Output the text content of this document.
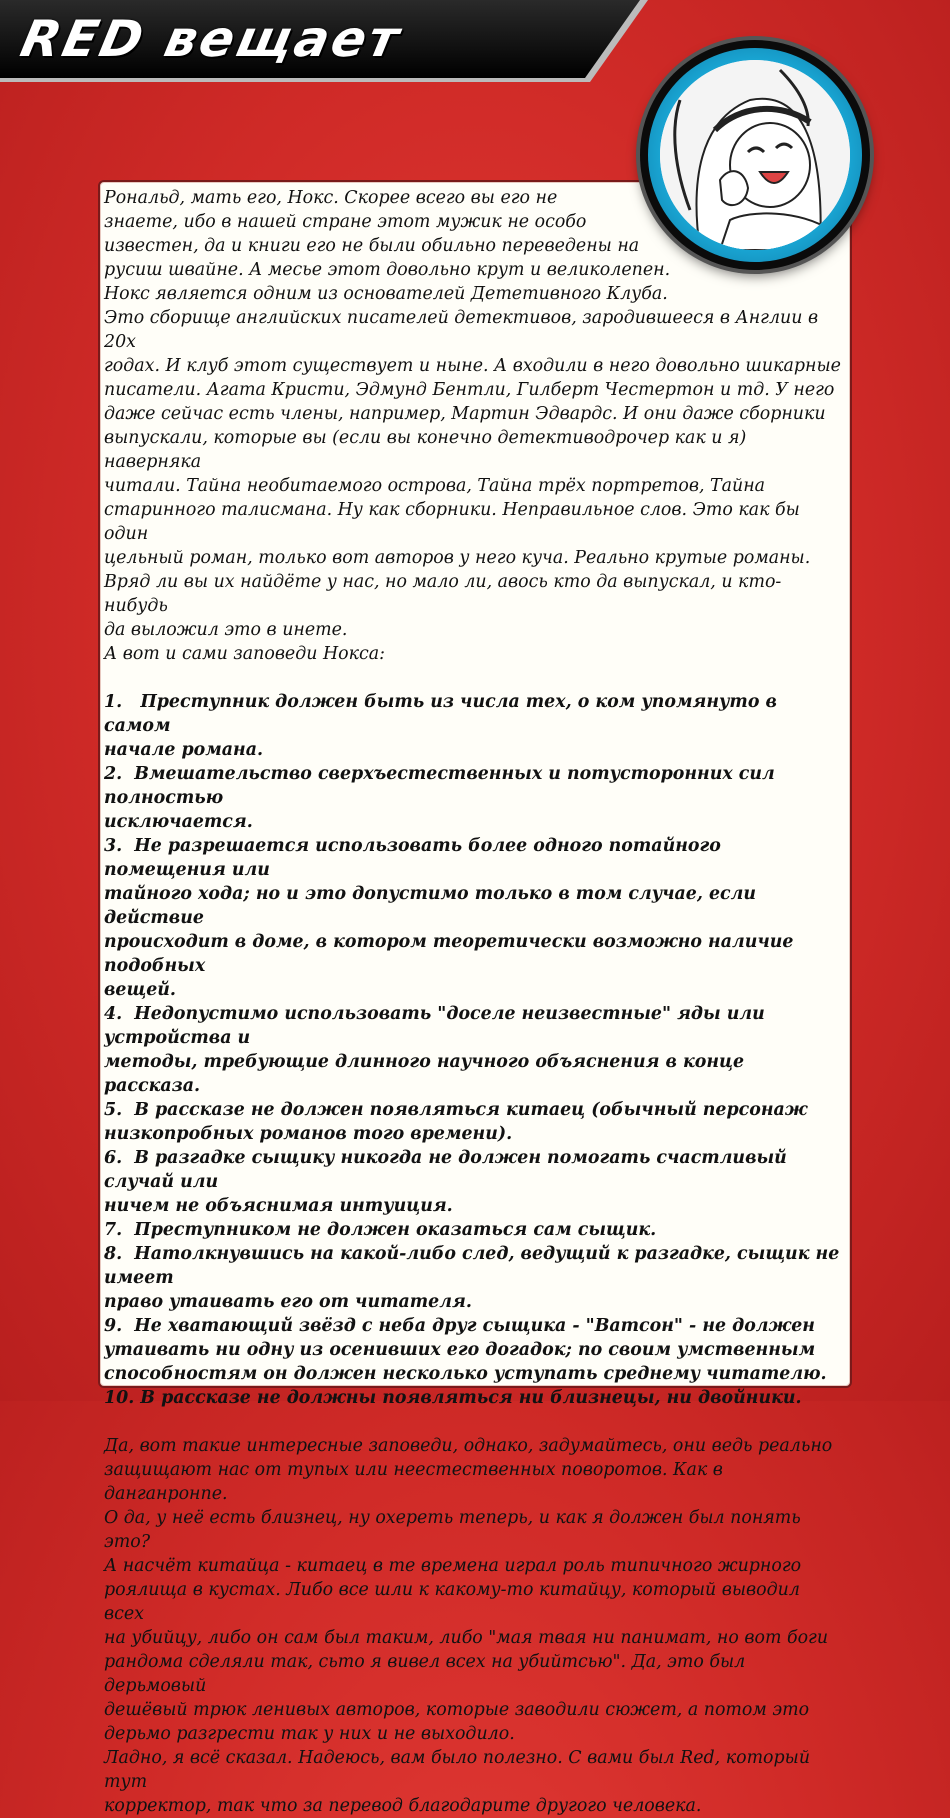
RED вещает
Рональд, мать его, Нокс. Скорее всего вы его не
знаете, ибо в нашей стране этот мужик не особо
известен, да и книги его не были обильно переведены на
русиш швайне. А месье этот довольно крут и великолепен.
Нокс является одним из основателей Дететивного Клуба.
Это сборище английских писателей детективов, зародившееся в Англии в 20х
годах. И клуб этот существует и ныне. А входили в него довольно шикарные
писатели. Агата Кристи, Эдмунд Бентли, Гилберт Честертон и тд. У него
даже сейчас есть члены, например, Мартин Эдвардс. И они даже сборники
выпускали, которые вы (если вы конечно детективодрочер как и я) наверняка
читали. Тайна необитаемого острова, Тайна трёх портретов, Тайна
старинного талисмана. Ну как сборники. Неправильное слов. Это как бы один
цельный роман, только вот авторов у него куча. Реально крутые романы.
Вряд ли вы их найдёте у нас, но мало ли, авось кто да выпускал, и кто-нибудь
да выложил это в инете.
А вот и сами заповеди Нокса:

1.   Преступник должен быть из числа тех, о ком упомянуто в самом
начале романа.
2.  Вмешательство сверхъестественных и потусторонних сил полностью
исключается.
3.  Не разрешается использовать более одного потайного помещения или
тайного хода; но и это допустимо только в том случае, если действие
происходит в доме, в котором теоретически возможно наличие подобных
вещей.
4.  Недопустимо использовать "доселе неизвестные" яды или устройства и
методы, требующие длинного научного объяснения в конце рассказа.
5.  В рассказе не должен появляться китаец (обычный персонаж
низкопробных романов того времени).
6.  В разгадке сыщику никогда не должен помогать счастливый случай или
ничем не объяснимая интуиция.
7.  Преступником не должен оказаться сам сыщик.
8.  Натолкнувшись на какой-либо след, ведущий к разгадке, сыщик не имеет
право утаивать его от читателя.
9.  Не хватающий звёзд с неба друг сыщика - "Ватсон" - не должен
утаивать ни одну из осенивших его догадок; по своим умственным
способностям он должен несколько уступать среднему читателю.
10. В рассказе не должны появляться ни близнецы, ни двойники.

Да, вот такие интересные заповеди, однако, задумайтесь, они ведь реально
защищают нас от тупых или неестественных поворотов. Как в данганронпе.
О да, у неё есть близнец, ну охереть теперь, и как я должен был понять это?
А насчёт китайца - китаец в те времена играл роль типичного жирного
роялища в кустах. Либо все шли к какому-то китайцу, который выводил всех
на убийцу, либо он сам был таким, либо "мая твая ни панимат, но вот боги
рандома сделяли так, сьто я вивел всех на убийтсью". Да, это был дерьмовый
дешёвый трюк ленивых авторов, которые заводили сюжет, а потом это
дерьмо разгрести так у них и не выходило.
Ладно, я всё сказал. Надеюсь, вам было полезно. С вами был Red, который тут
корректор, так что за перевод благодарите другого человека.
